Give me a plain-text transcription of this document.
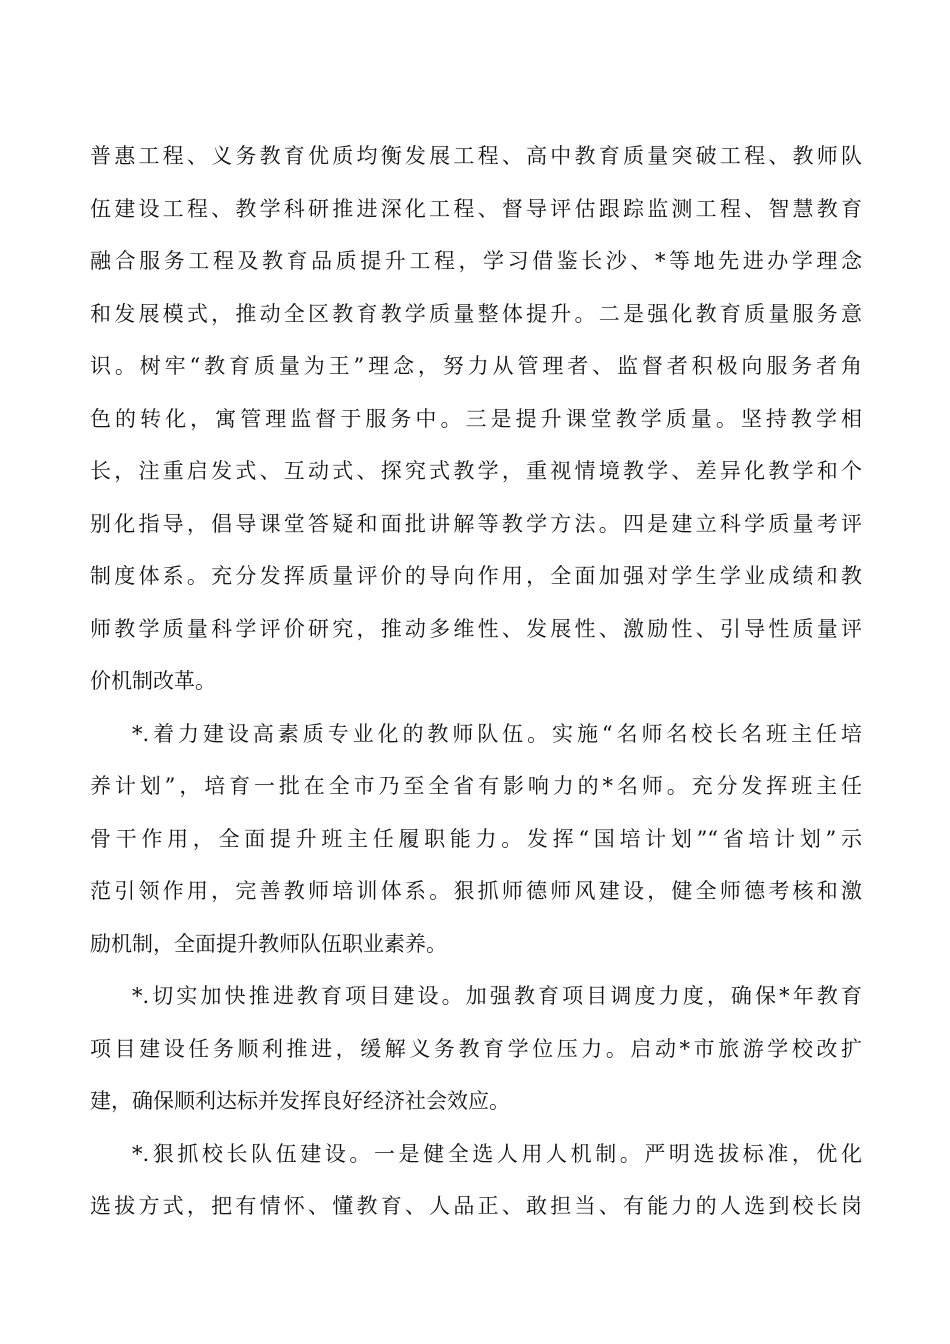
普惠工程、义务教育优质均衡发展工程、高中教育质量突破工程、教师队
伍建设工程、教学科研推进深化工程、督导评估跟踪监测工程、智慧教育
融合服务工程及教育品质提升工程，学习借鉴长沙、*等地先进办学理念
和发展模式，推动全区教育教学质量整体提升。二是强化教育质量服务意
识。树牢“教育质量为王”理念，努力从管理者、监督者积极向服务者角
色的转化，寓管理监督于服务中。三是提升课堂教学质量。坚持教学相
长，注重启发式、互动式、探究式教学，重视情境教学、差异化教学和个
别化指导，倡导课堂答疑和面批讲解等教学方法。四是建立科学质量考评
制度体系。充分发挥质量评价的导向作用，全面加强对学生学业成绩和教
师教学质量科学评价研究，推动多维性、发展性、激励性、引导性质量评
价机制改革。
*.着力建设高素质专业化的教师队伍。实施“名师名校长名班主任培
养计划”，培育一批在全市乃至全省有影响力的*名师。充分发挥班主任
骨干作用，全面提升班主任履职能力。发挥“国培计划”“省培计划”示
范引领作用，完善教师培训体系。狠抓师德师风建设，健全师德考核和激
励机制，全面提升教师队伍职业素养。
*.切实加快推进教育项目建设。加强教育项目调度力度，确保*年教育
项目建设任务顺利推进，缓解义务教育学位压力。启动*市旅游学校改扩
建，确保顺利达标并发挥良好经济社会效应。
*.狠抓校长队伍建设。一是健全选人用人机制。严明选拔标准，优化
选拔方式，把有情怀、懂教育、人品正、敢担当、有能力的人选到校长岗
